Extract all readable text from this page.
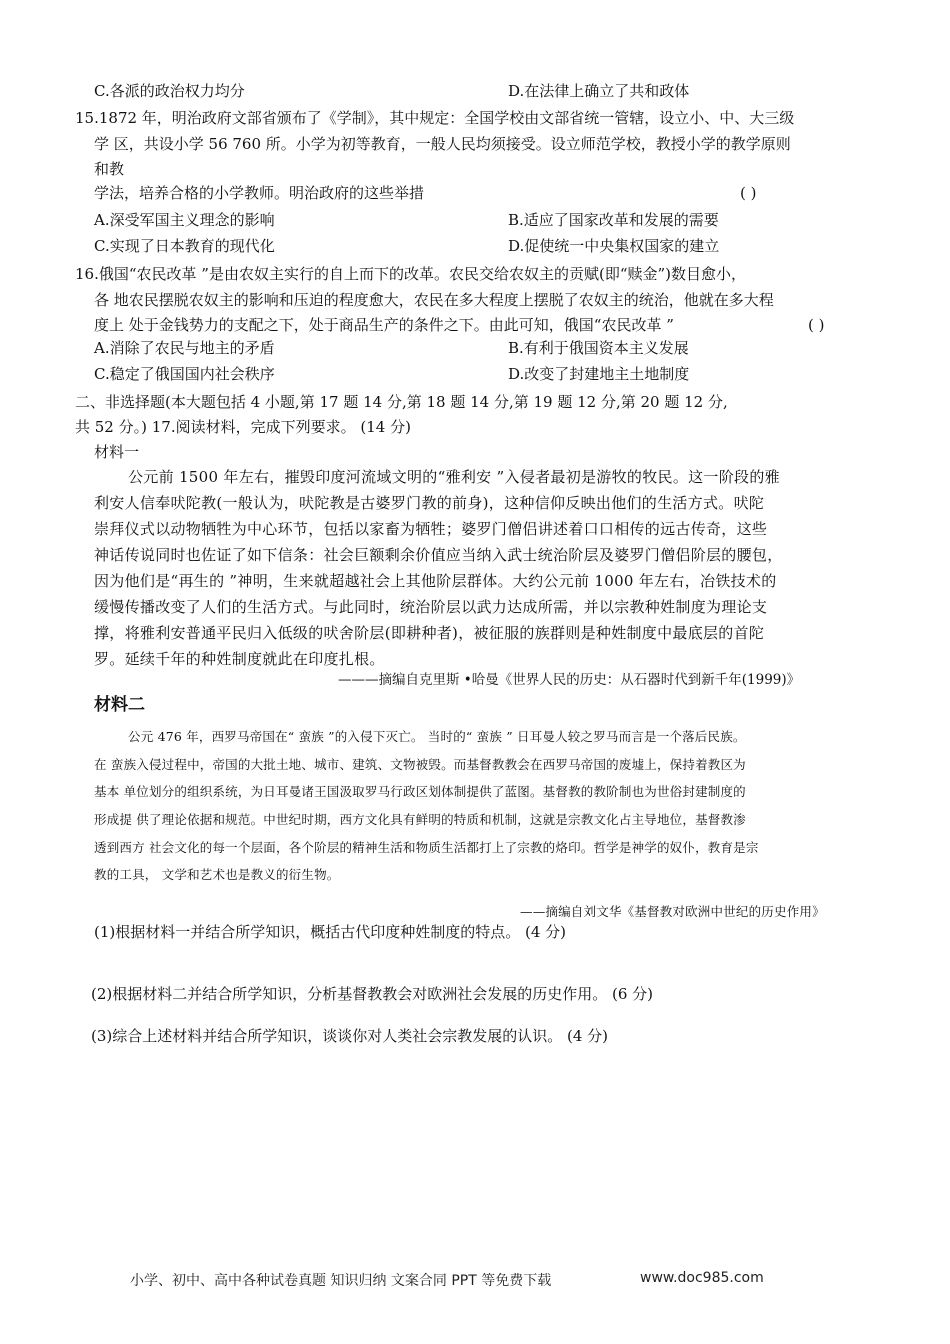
C.各派的政治权力均分	D.在法律上确立了共和政体
15.1872 年，明治政府文部省颁布了《学制》，其中规定：全国学校由文部省统一管辖，设立小、中、大三级
学 区，共设小学 56 760 所。小学为初等教育，一般人民均须接受。设立师范学校，教授小学的教学原则
和教
学法，培养合格的小学教师。明治政府的这些举措	( )
A.深受军国主义理念的影响	B.适应了国家改革和发展的需要
C.实现了日本教育的现代化	D.促使统一中央集权国家的建立
16.俄国“农民改革 ”是由农奴主实行的自上而下的改革。农民交给农奴主的贡赋(即“赎金”)数目愈小，
各 地农民摆脱农奴主的影响和压迫的程度愈大，农民在多大程度上摆脱了农奴主的统治，他就在多大程
度上 处于金钱势力的支配之下，处于商品生产的条件之下。由此可知，俄国“农民改革 ”	( )
A.消除了农民与地主的矛盾	B.有利于俄国资本主义发展
C.稳定了俄国国内社会秩序	D.改变了封建地主土地制度
二、非选择题(本大题包括 4 小题,第 17 题 14 分,第 18 题 14 分,第 19 题 12 分,第 20 题 12 分,
共 52 分。) 17.阅读材料，完成下列要求。 (14 分)
材料一
公元前 1500 年左右，摧毁印度河流域文明的“雅利安 ”入侵者最初是游牧的牧民。这一阶段的雅
利安人信奉吠陀教(一般认为，吠陀教是古婆罗门教的前身)，这种信仰反映出他们的生活方式。吠陀
崇拜仪式以动物牺牲为中心环节，包括以家畜为牺牲；婆罗门僧侣讲述着口口相传的远古传奇，这些
神话传说同时也佐证了如下信条：社会巨额剩余价值应当纳入武士统治阶层及婆罗门僧侣阶层的腰包，
因为他们是“再生的 ”神明，生来就超越社会上其他阶层群体。大约公元前 1000 年左右，冶铁技术的
缓慢传播改变了人们的生活方式。与此同时，统治阶层以武力达成所需，并以宗教种姓制度为理论支
撑，将雅利安普通平民归入低级的吠舍阶层(即耕种者)，被征服的族群则是种姓制度中最底层的首陀
罗。延续千年的种姓制度就此在印度扎根。
———摘编自克里斯 •哈曼《世界人民的历史：从石器时代到新千年(1999)》
材料二
公元 476 年，西罗马帝国在“ 蛮族 ”的入侵下灭亡。 当时的“ 蛮族 ” 日耳曼人较之罗马而言是一个落后民族。
在 蛮族入侵过程中，帝国的大批土地、城市、建筑、文物被毁。而基督教教会在西罗马帝国的废墟上，保持着教区为
基本 单位划分的组织系统，为日耳曼诸王国汲取罗马行政区划体制提供了蓝图。基督教的教阶制也为世俗封建制度的
形成提 供了理论依据和规范。中世纪时期，西方文化具有鲜明的特质和机制，这就是宗教文化占主导地位，基督教渗
透到西方 社会文化的每一个层面，各个阶层的精神生活和物质生活都打上了宗教的烙印。哲学是神学的奴仆，教育是宗
教的工具， 文学和艺术也是教义的衍生物。
——摘编自刘文华《基督教对欧洲中世纪的历史作用》
(1)根据材料一并结合所学知识，概括古代印度种姓制度的特点。 (4 分)
(2)根据材料二并结合所学知识，分析基督教教会对欧洲社会发展的历史作用。 (6 分)
(3)综合上述材料并结合所学知识，谈谈你对人类社会宗教发展的认识。 (4 分)
小学、初中、高中各种试卷真题 知识归纳 文案合同 PPT 等免费下载	www.doc985.com
